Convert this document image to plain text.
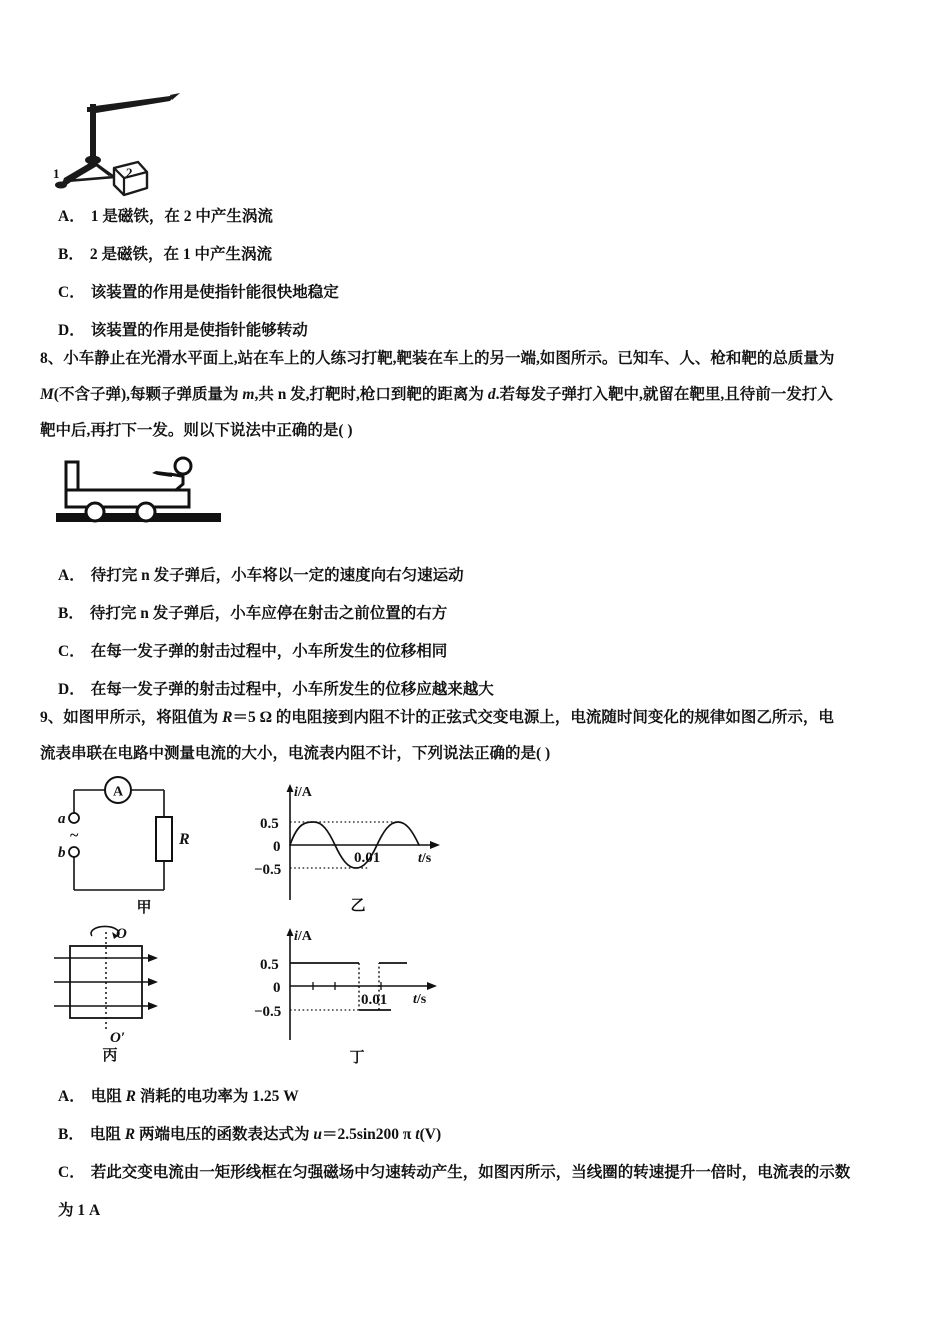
1	2
A． 1 是磁铁，在 2 中产生涡流
B． 2 是磁铁，在 1 中产生涡流
C． 该装置的作用是使指针能很快地稳定
D． 该装置的作用是使指针能够转动
8、小车静止在光滑水平面上,站在车上的人练习打靶,靶装在车上的另一端,如图所示。已知车、人、枪和靶的总质量为
M(不含子弹),每颗子弹质量为 m,共 n 发,打靶时,枪口到靶的距离为 d.若每发子弹打入靶中,就留在靶里,且待前一发打入
靶中后,再打下一发。则以下说法中正确的是( )
A． 待打完 n 发子弹后，小车将以一定的速度向右匀速运动
B． 待打完 n 发子弹后，小车应停在射击之前位置的右方
C． 在每一发子弹的射击过程中，小车所发生的位移相同
D． 在每一发子弹的射击过程中，小车所发生的位移应越来越大
9、如图甲所示，将阻值为 R＝5 Ω 的电阻接到内阻不计的正弦式交变电源上，电流随时间变化的规律如图乙所示，电
流表串联在电路中测量电流的大小，电流表内阻不计，下列说法正确的是( )
A
a
b
~	R
甲
i/A
t/s
0.5
0
−0.5
0.01
乙
O
O′
丙
i/A
t/s
0.5
0
−0.5
0.01
丁
A． 电阻 R 消耗的电功率为 1.25 W
B． 电阻 R 两端电压的函数表达式为 u＝2.5sin200 π t(V)
C． 若此交变电流由一矩形线框在匀强磁场中匀速转动产生，如图丙所示，当线圈的转速提升一倍时，电流表的示数
为 1 A
